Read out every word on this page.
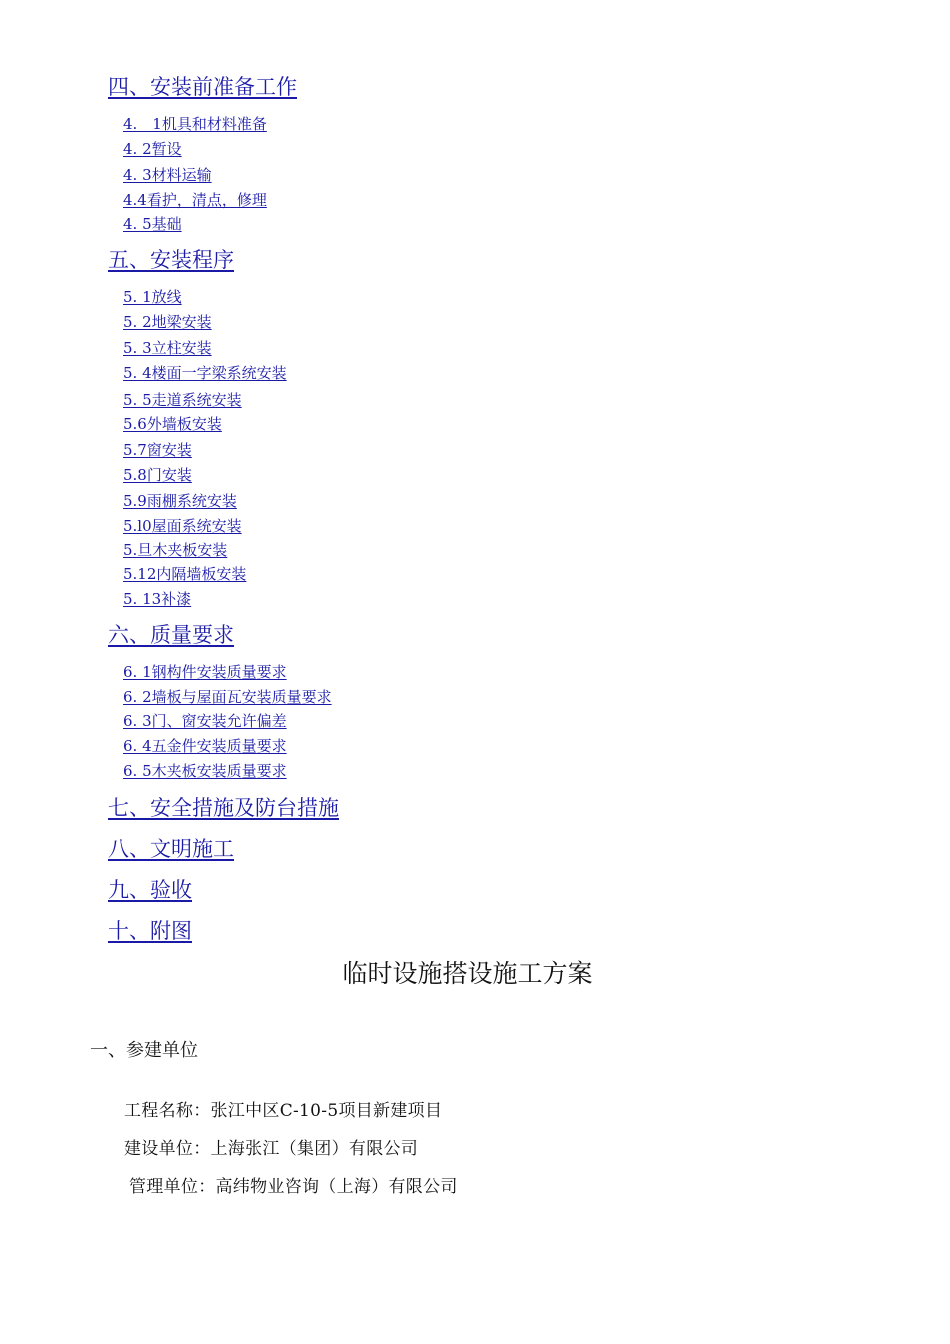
四、安装前准备工作
4.　1机具和材料准备
4. 2暂设
4. 3材料运输
4.4看护，清点，修理
4. 5基础
五、安装程序
5. 1放线
5. 2地梁安装
5. 3立柱安装
5. 4楼面一字梁系统安装
5. 5走道系统安装
5.6外墙板安装
5.7窗安装
5.8门安装
5.9雨棚系统安装
5.l0屋面系统安装
5.旦木夹板安装
5.12内隔墙板安装
5. 13补漆
六、质量要求
6. 1钢构件安装质量要求
6. 2墙板与屋面瓦安装质量要求
6. 3门、窗安装允许偏差
6. 4五金件安装质量要求
6. 5木夹板安装质量要求
七、安全措施及防台措施
八、文明施工
九、验收
十、附图
临时设施搭设施工方案
一、参建单位
工程名称：张江中区C-10-5项目新建项目
建设单位：上海张江（集团）有限公司
管理单位：高纬物业咨询（上海）有限公司
